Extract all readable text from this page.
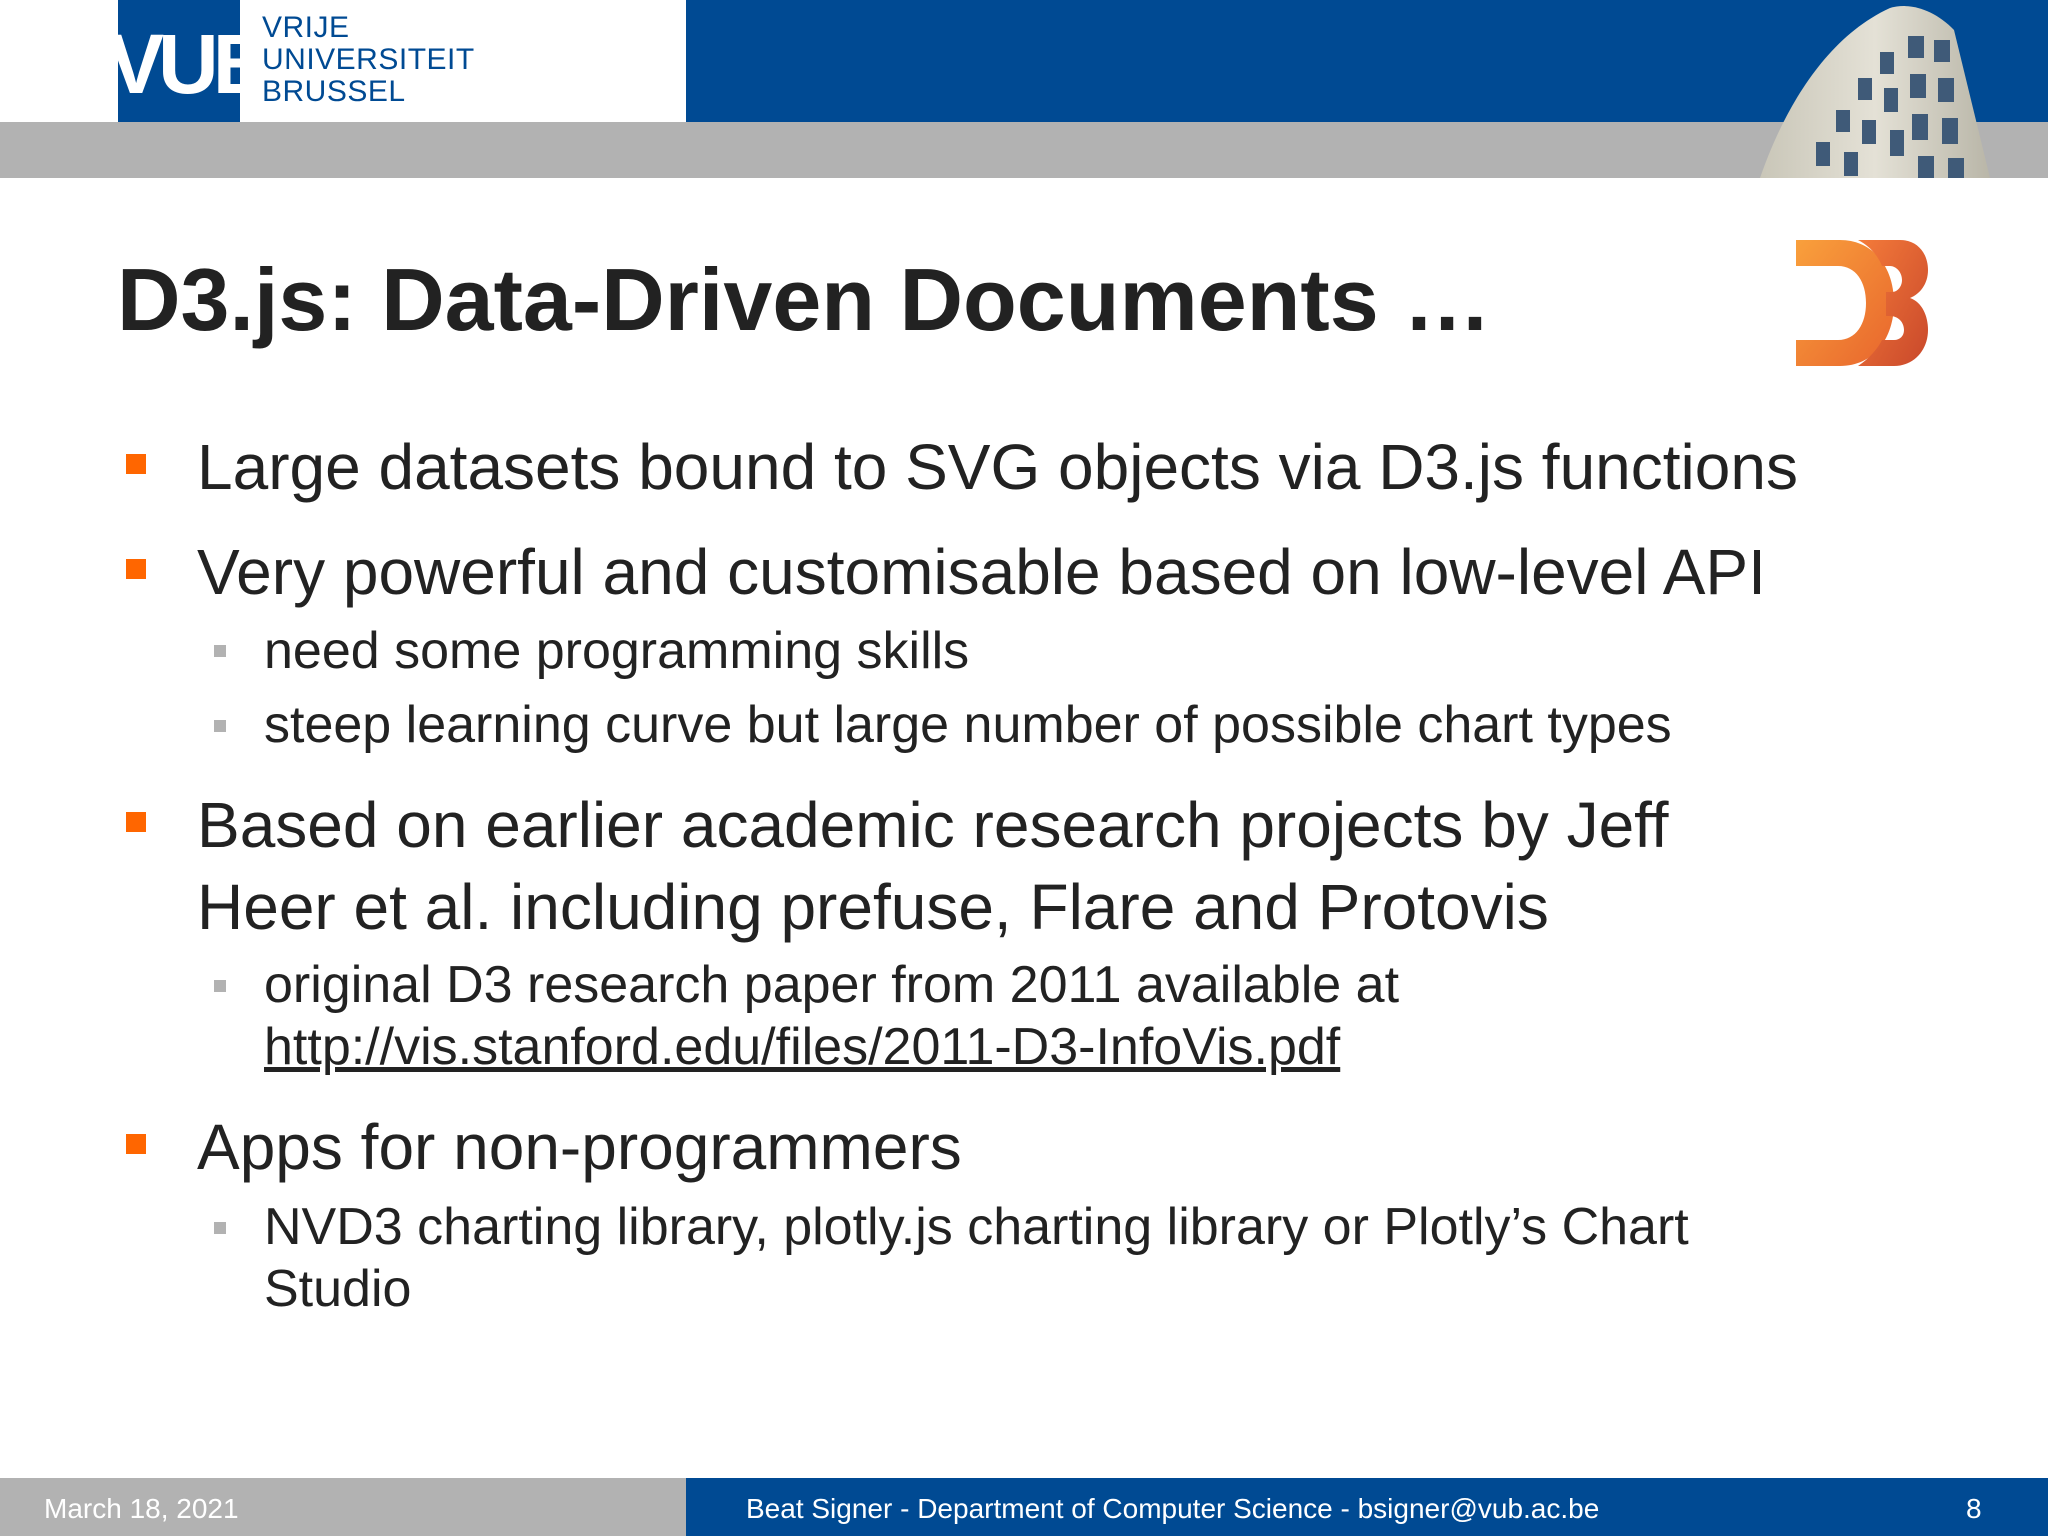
VUB
VRIJE
UNIVERSITEIT
BRUSSEL
D3.js: Data-Driven Documents …
Large datasets bound to SVG objects via D3.js functions
Very powerful and customisable based on low-level API
need some programming skills
steep learning curve but large number of possible chart types
Based on earlier academic research projects by Jeff
Heer et al. including prefuse, Flare and Protovis
original D3 research paper from 2011 available at
http://vis.stanford.edu/files/2011-D3-InfoVis.pdf
Apps for non-programmers
NVD3 charting library, plotly.js charting library or Plotly’s Chart
Studio
March 18, 2021	Beat Signer - Department of Computer Science - bsigner@vub.ac.be	8
